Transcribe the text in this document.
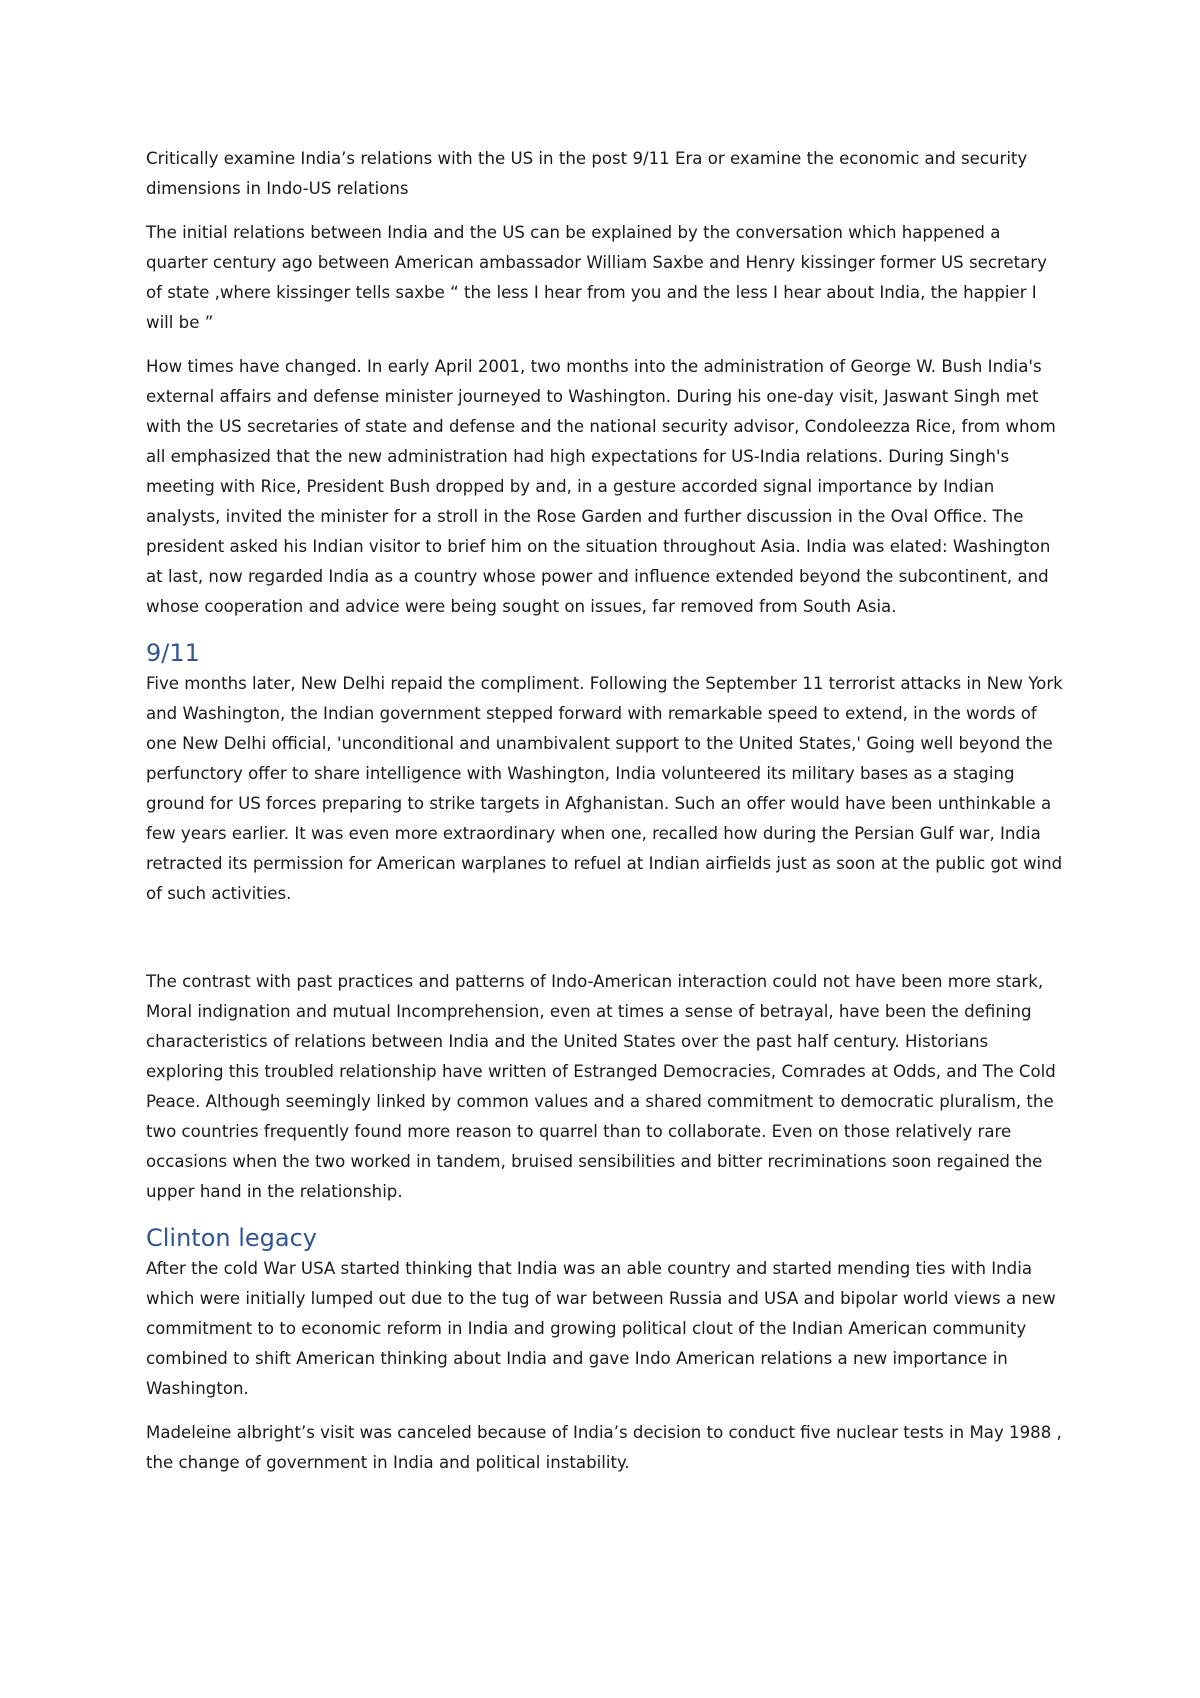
Critically examine India’s relations with the US in the post 9/11 Era or examine the economic and security dimensions in Indo-US relations

The initial relations between India and the US can be explained by the conversation which happened a quarter century ago between American ambassador William Saxbe and Henry kissinger former US secretary of state ,where kissinger tells saxbe “ the less I hear from you and the less I hear about India, the happier I will be ”

How times have changed. In early April 2001, two months into the administration of George W. Bush India's external affairs and defense minister journeyed to Washington. During his one-day visit, Jaswant Singh met with the US secretaries of state and defense and the national security advisor, Condoleezza Rice, from whom all emphasized that the new administration had high expectations for US-India relations. During Singh's meeting with Rice, President Bush dropped by and, in a gesture accorded signal importance by Indian analysts, invited the minister for a stroll in the Rose Garden and further discussion in the Oval Office. The president asked his Indian visitor to brief him on the situation throughout Asia. India was elated: Washington at last, now regarded India as a country whose power and influence extended beyond the subcontinent, and whose cooperation and advice were being sought on issues, far removed from South Asia.

9/11

Five months later, New Delhi repaid the compliment. Following the September 11 terrorist attacks in New York and Washington, the Indian government stepped forward with remarkable speed to extend, in the words of one New Delhi official, 'unconditional and unambivalent support to the United States,' Going well beyond the perfunctory offer to share intelligence with Washington, India volunteered its military bases as a staging ground for US forces preparing to strike targets in Afghanistan. Such an offer would have been unthinkable a few years earlier. It was even more extraordinary when one, recalled how during the Persian Gulf war, India retracted its permission for American warplanes to refuel at Indian airfields just as soon at the public got wind of such activities.

The contrast with past practices and patterns of Indo-American interaction could not have been more stark, Moral indignation and mutual Incomprehension, even at times a sense of betrayal, have been the defining characteristics of relations between India and the United States over the past half century. Historians exploring this troubled relationship have written of Estranged Democracies, Comrades at Odds, and The Cold Peace. Although seemingly linked by common values and a shared commitment to democratic pluralism, the two countries frequently found more reason to quarrel than to collaborate. Even on those relatively rare occasions when the two worked in tandem, bruised sensibilities and bitter recriminations soon regained the upper hand in the relationship.

Clinton legacy

After the cold War USA started thinking that India was an able country and started mending ties with India which were initially lumped out due to the tug of war between Russia and USA and bipolar world views a new commitment to to economic reform in India and growing political clout of the Indian American community combined to shift American thinking about India and gave Indo American relations a new importance in Washington.

Madeleine albright’s visit was canceled because of India’s decision to conduct five nuclear tests in May 1988 , the change of government in India and political instability.
